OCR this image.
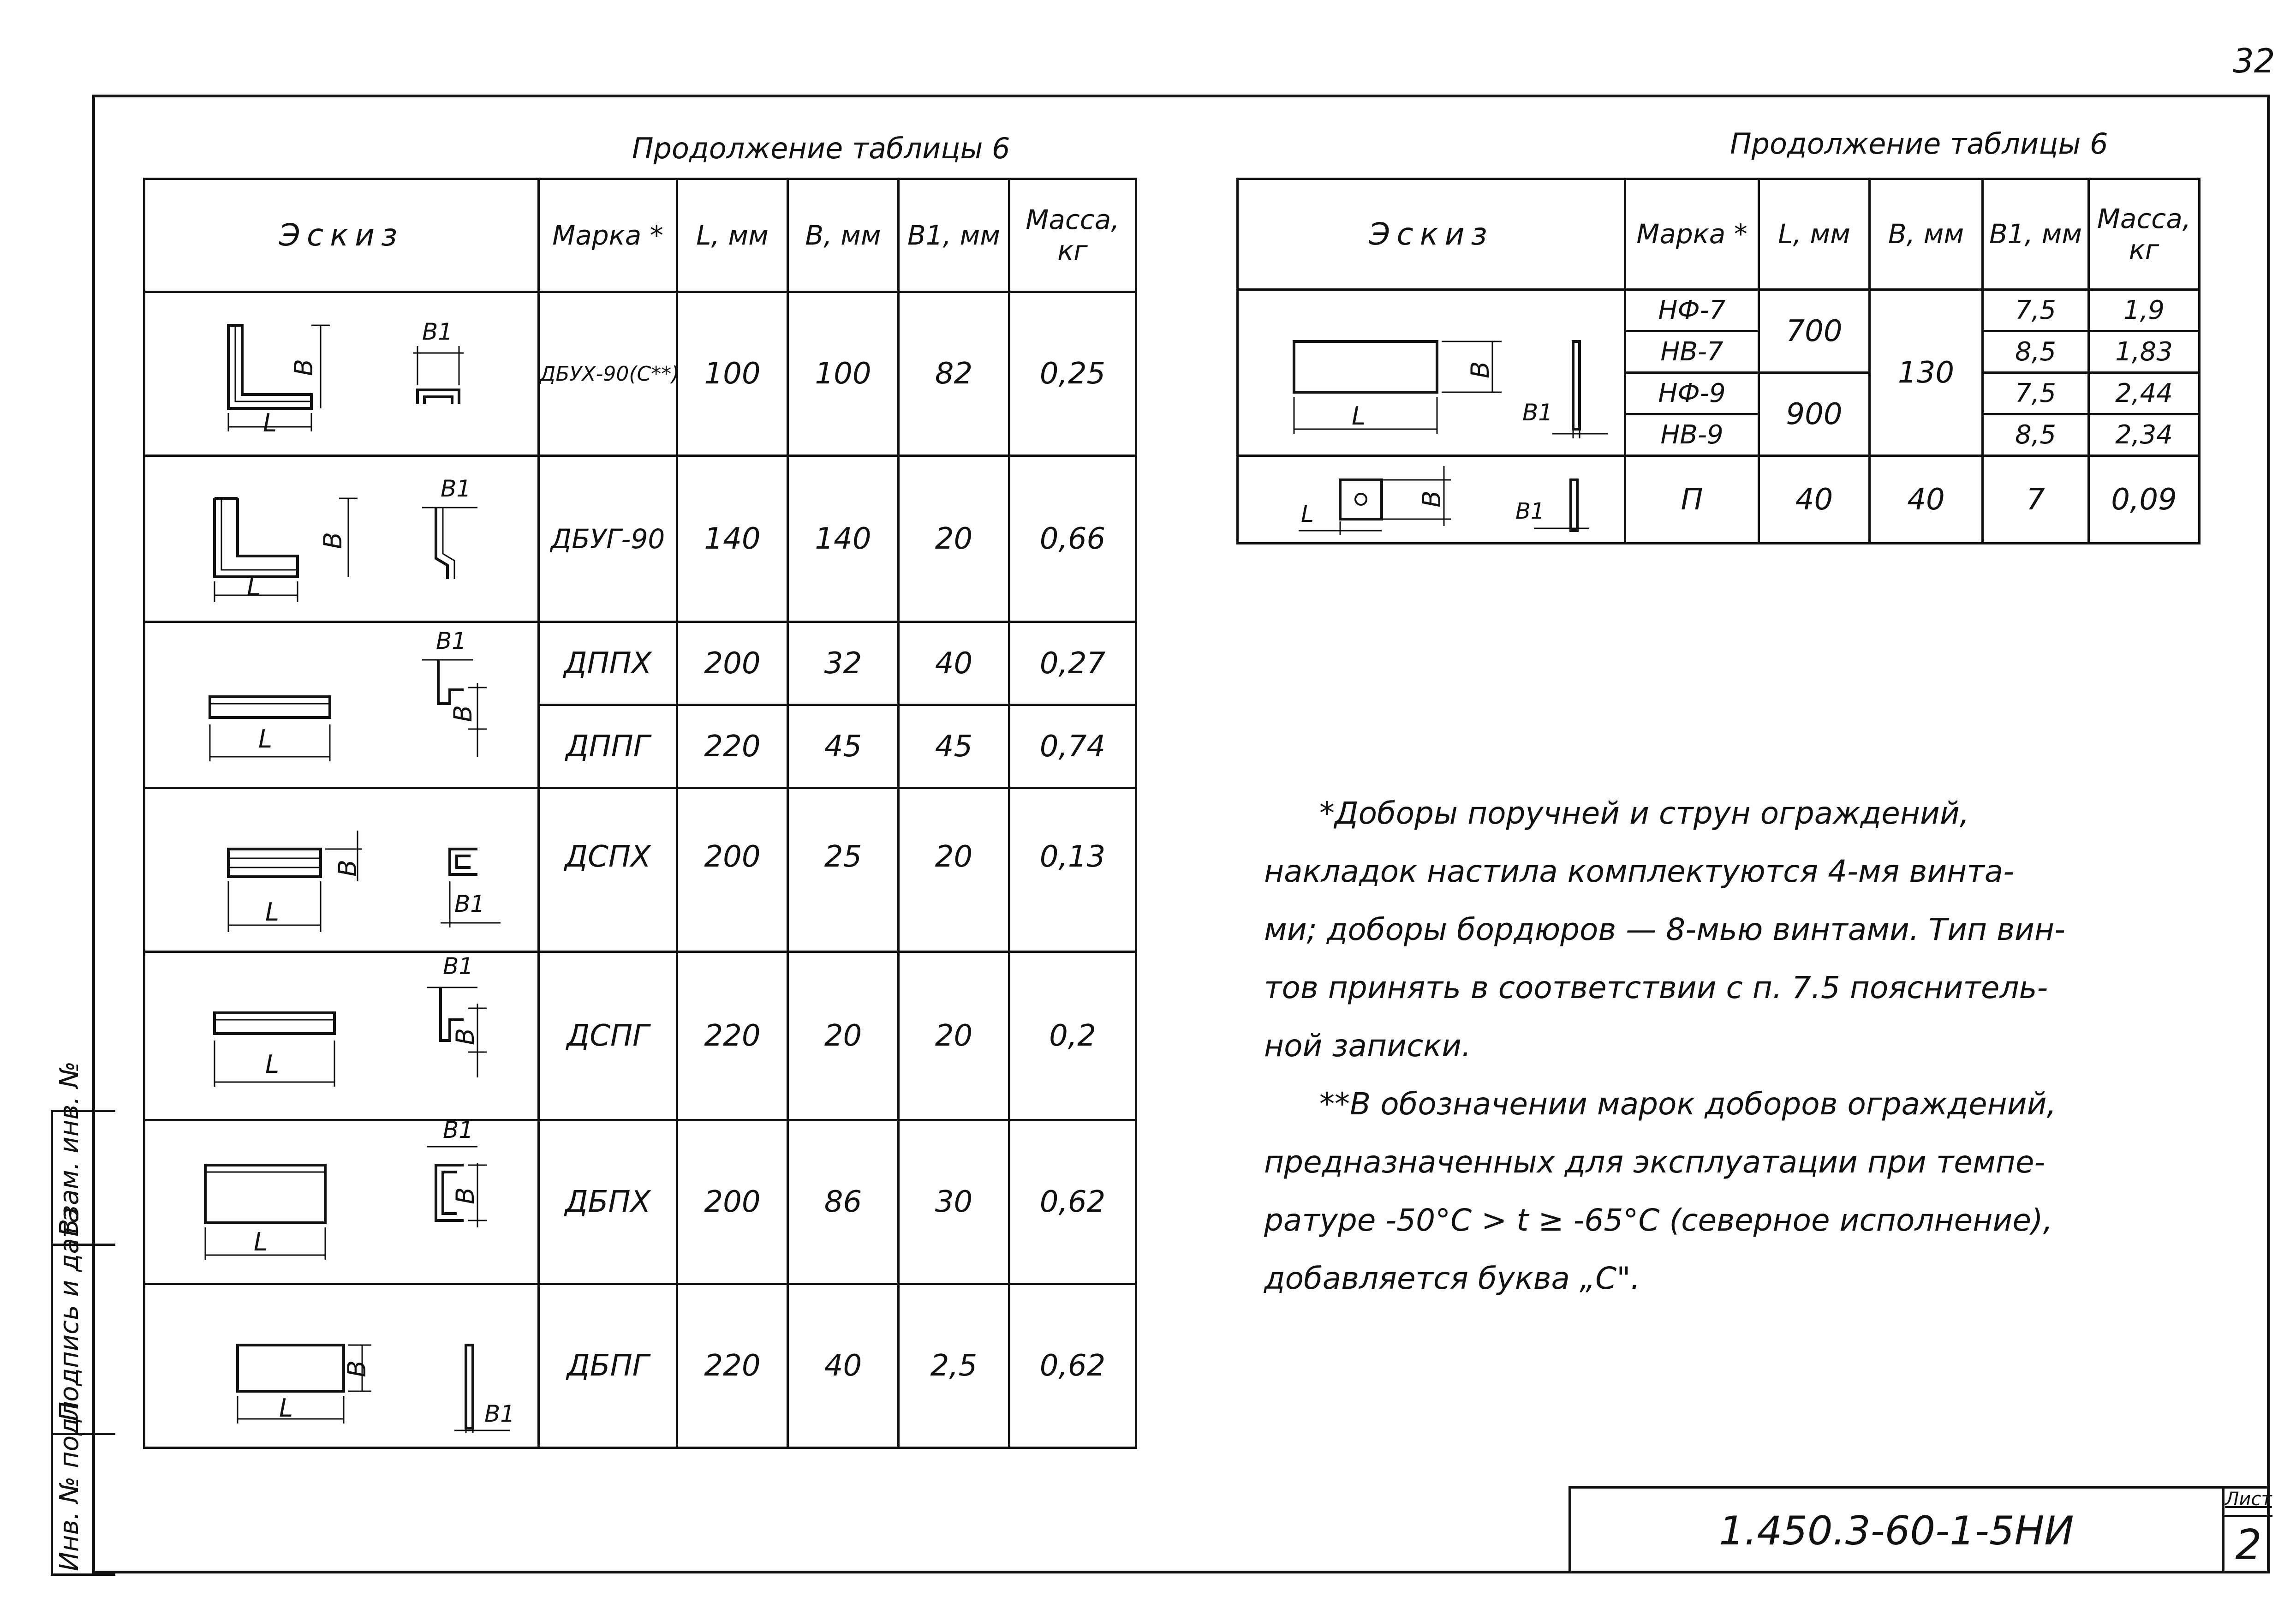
32
Инв. № подл
Подпись и дата
Взам. инв. №
Продолжение таблицы 6
Эскиз	Марка *	L, мм	B, мм	B1, мм	Масса, кг

B
L
B1	ДБУХ-90(С**)	100	100	82	0,25

B
L
B1	ДБУГ-90	140	140	20	0,66

L
B
B1	ДППХ	200	32	40	0,27
	ДППГ	220	45	45	0,74

B
L B1	ДСПХ	200	25	20	0,13

L
B
B1	ДСПГ	220	20	20	0,2

L
B
B1	ДБПХ	200	86	30	0,62

L
B
B1	ДБПГ	220	40	2,5	0,62
Продолжение таблицы 6
Эскиз	Марка *	L, мм	B, мм	B1, мм	Масса, кг

L
B
B1	НФ-7	700	130	7,5	1,9
	НВ-7			8,5	1,83
	НФ-9	900		7,5	2,44
	НВ-9			8,5	2,34

L
B B1	П	40	40	7	0,09

*Доборы поручней и струн ограждений,

накладок настила комплектуются 4-мя винта-

ми; доборы бордюров — 8-мью винтами. Тип вин-

тов принять в соответствии с п. 7.5 пояснитель-

ной записки.

**В обозначении марок доборов ограждений,

предназначенных для эксплуатации при темпе-

ратуре -50°C > t ≥ -65°C (северное исполнение),

добавляется буква „С".

1.450.3-60-1-5НИ
Лист
2
